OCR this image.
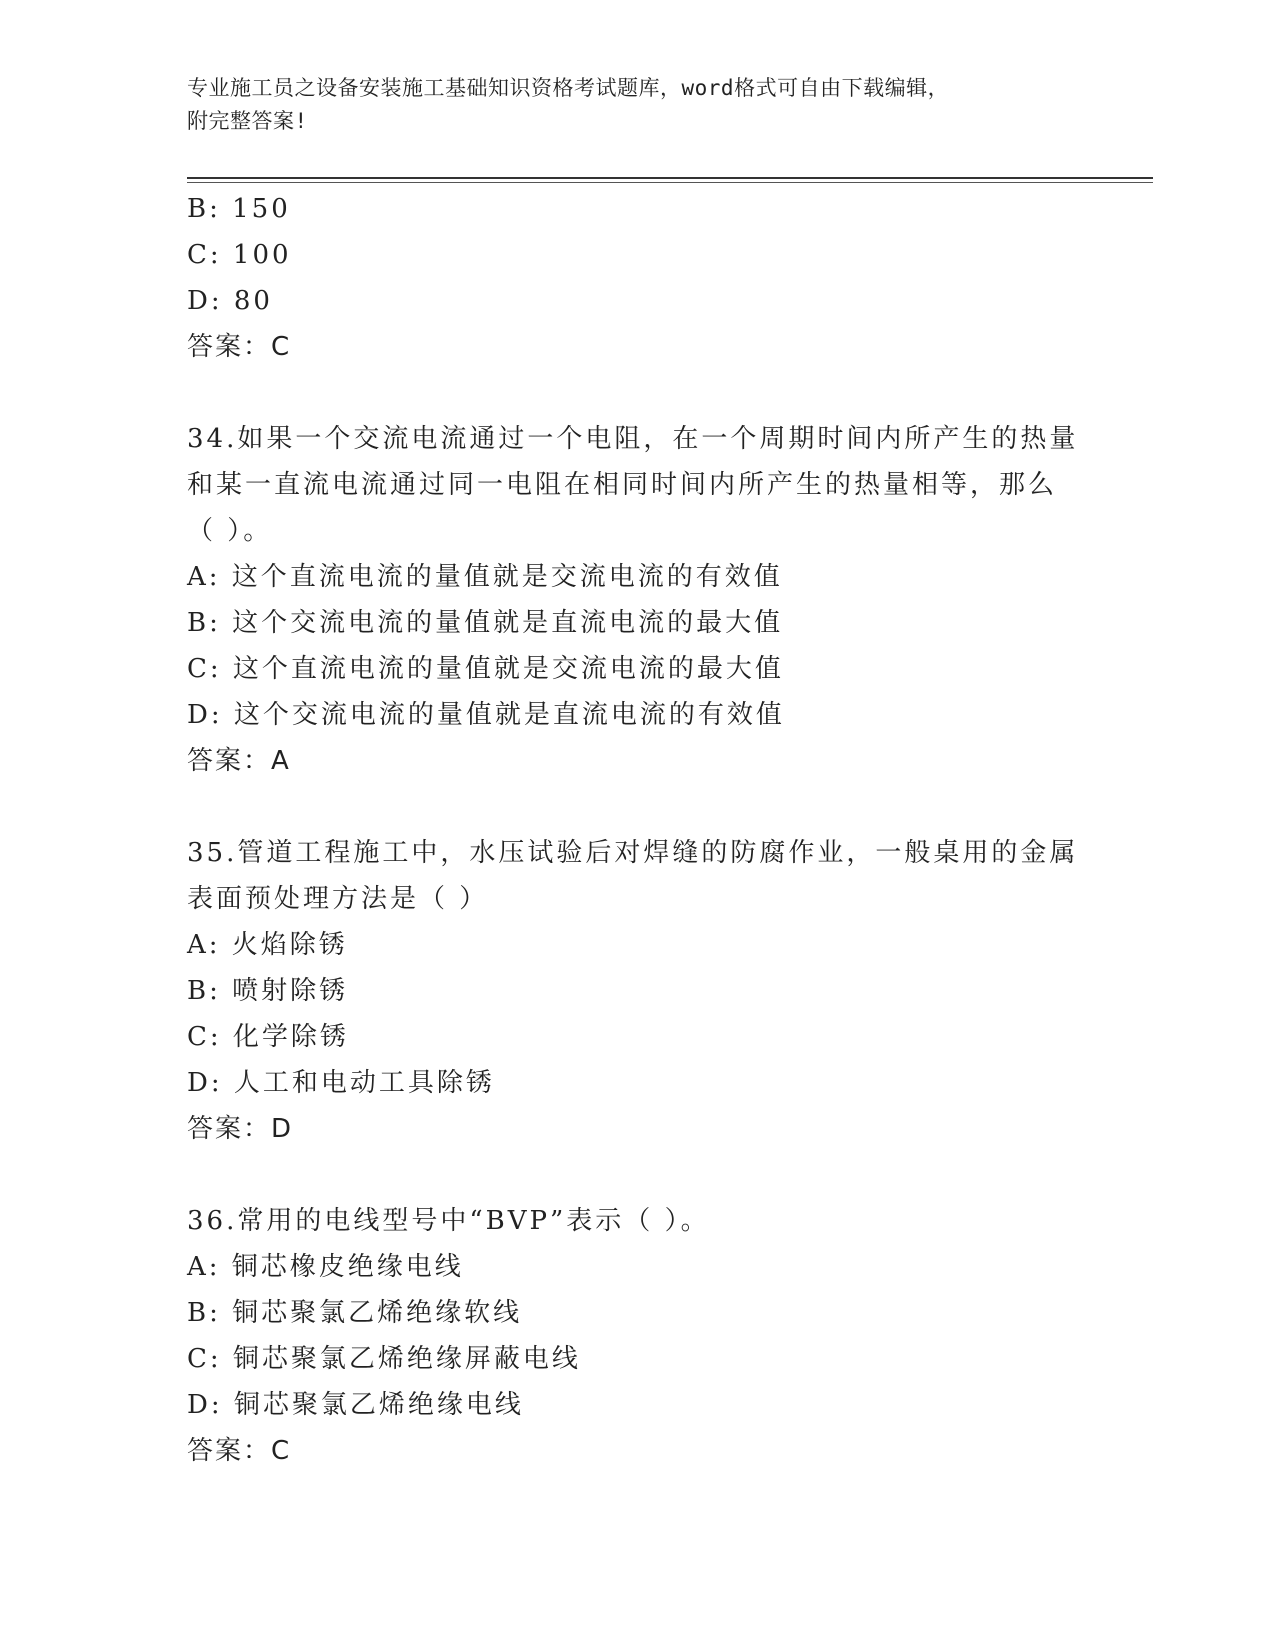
专业施工员之设备安装施工基础知识资格考试题库，word格式可自由下载编辑，
附完整答案!
B: 150
C: 100
D: 80
答案：C
34.如果一个交流电流通过一个电阻，在一个周期时间内所产生的热量
和某一直流电流通过同一电阻在相同时间内所产生的热量相等，那么
（ ）。
A: 这个直流电流的量值就是交流电流的有效值
B: 这个交流电流的量值就是直流电流的最大值
C: 这个直流电流的量值就是交流电流的最大值
D: 这个交流电流的量值就是直流电流的有效值
答案：A
35.管道工程施工中，水压试验后对焊缝的防腐作业，一般桌用的金属
表面预处理方法是（ ）
A: 火焰除锈
B: 喷射除锈
C: 化学除锈
D: 人工和电动工具除锈
答案：D
36.常用的电线型号中“BVP”表示（ ）。
A: 铜芯橡皮绝缘电线
B: 铜芯聚氯乙烯绝缘软线
C: 铜芯聚氯乙烯绝缘屏蔽电线
D: 铜芯聚氯乙烯绝缘电线
答案：C
